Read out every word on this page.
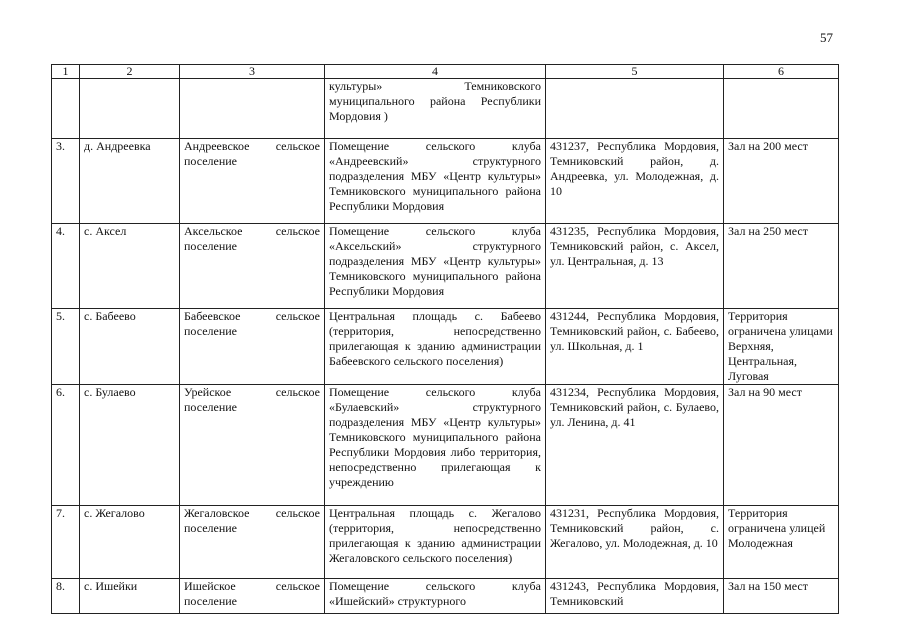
57
1	2	3	4	5	6
			культуры» Темниковского муниципального района Республики Мордовия )		
3.	д. Андреевка	Андреевское сельское поселение	Помещение сельского клуба «Андреевский» структурного подразделения МБУ «Центр культуры» Темниковского муниципального района Республики Мордовия	431237, Республика Мордовия, Темниковский район, д. Андреевка, ул. Молодежная, д. 10	Зал на 200 мест
4.	с. Аксел	Аксельское сельское поселение	Помещение сельского клуба «Аксельский» структурного подразделения МБУ «Центр культуры» Темниковского муниципального района Республики Мордовия	431235, Республика Мордовия, Темниковский район, с. Аксел, ул. Центральная, д. 13	Зал на 250 мест
5.	с. Бабеево	Бабеевское сельское поселение	Центральная площадь с. Бабеево (территория, непосредственно прилегающая к зданию администрации Бабеевского сельского поселения)	431244, Республика Мордовия, Темниковский район, с. Бабеево, ул. Школьная, д. 1	Территория ограничена улицами Верхняя, Центральная, Луговая
6.	с. Булаево	Урейское сельское поселение	Помещение сельского клуба «Булаевский» структурного подразделения МБУ «Центр культуры» Темниковского муниципального района Республики Мордовия либо территория, непосредственно прилегающая к учреждению	431234, Республика Мордовия, Темниковский район, с. Булаево, ул. Ленина, д. 41	Зал на 90 мест
7.	с. Жегалово	Жегаловское сельское поселение	Центральная площадь с. Жегалово (территория, непосредственно прилегающая к зданию администрации Жегаловского сельского поселения)	431231, Республика Мордовия, Темниковский район, с. Жегалово, ул. Молодежная, д. 10	Территория ограничена улицей Молодежная
8.	с. Ишейки	Ишейское сельское поселение	Помещение сельского клуба «Ишейский» структурного	431243, Республика Мордовия, Темниковский	Зал на 150 мест
